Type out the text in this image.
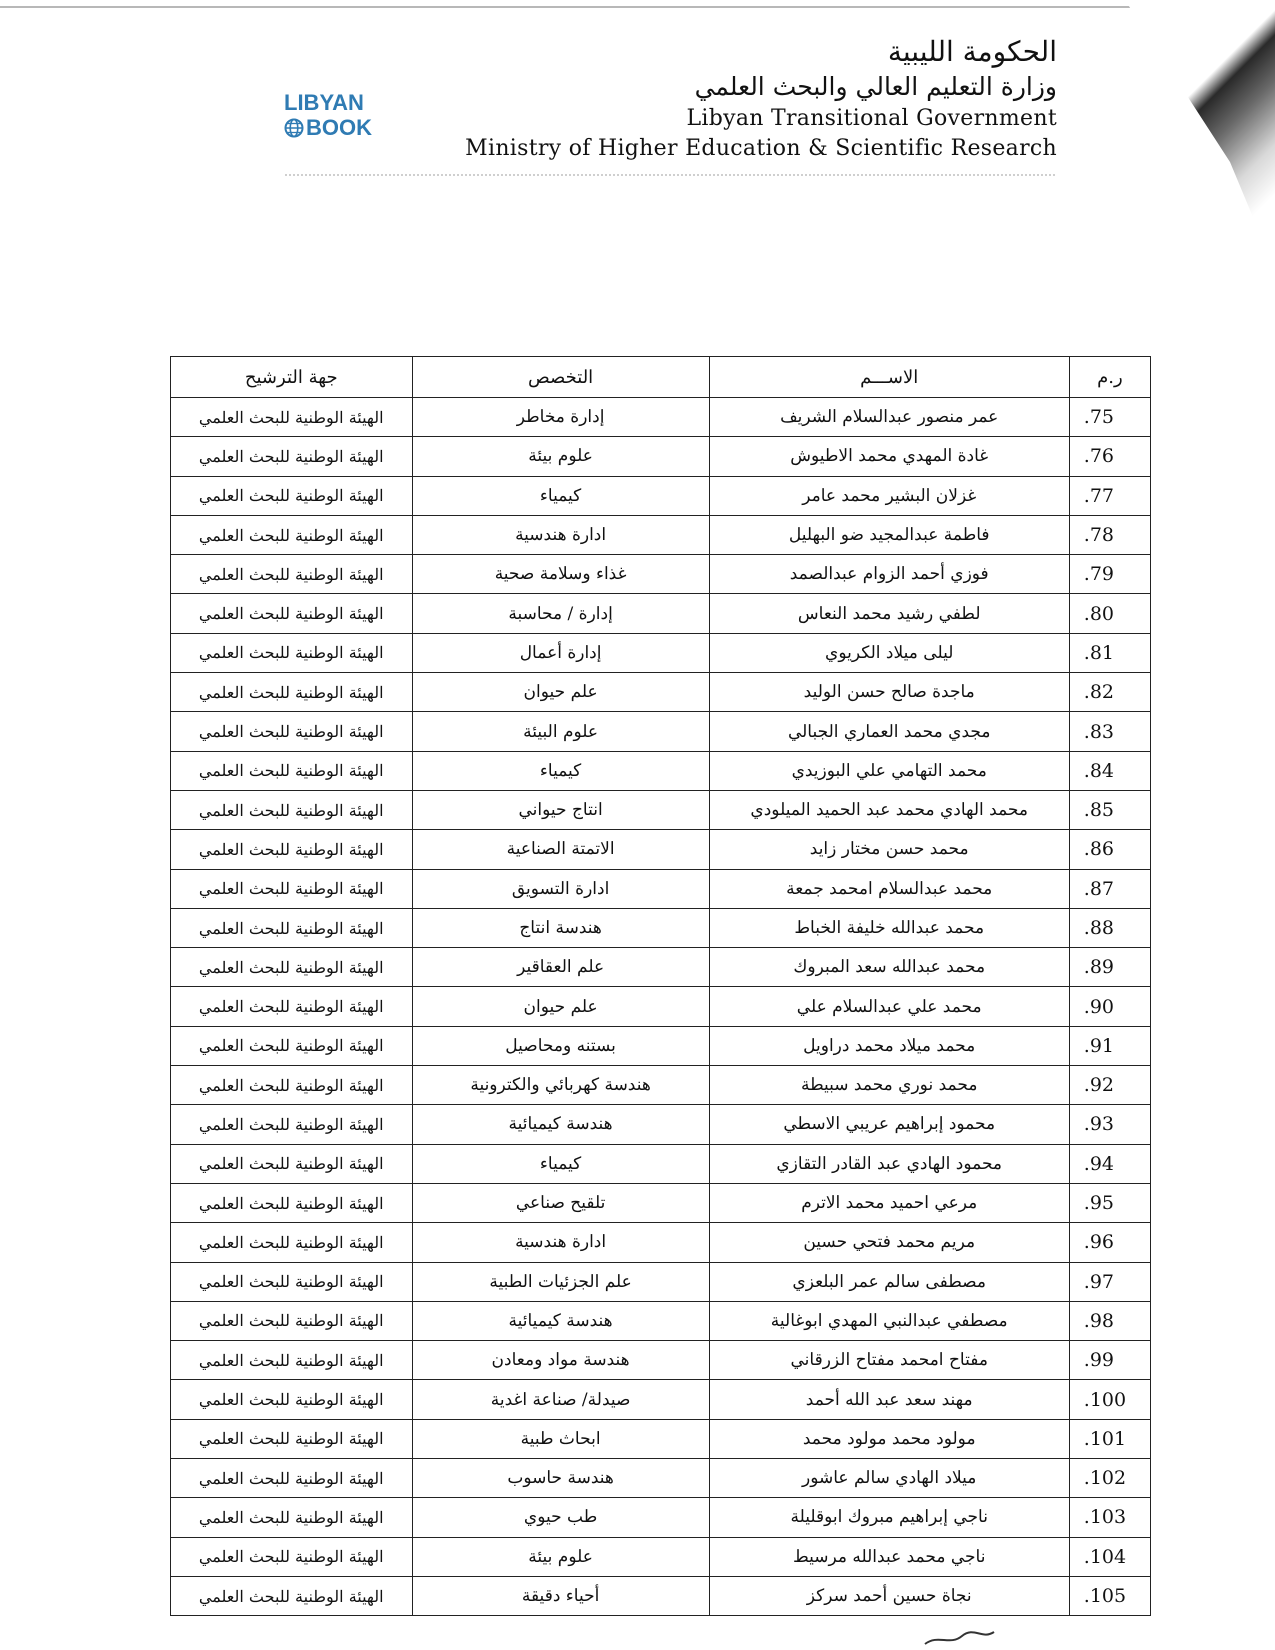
LIBYAN
BOOK
الحكومة الليبية
وزارة التعليم العالي والبحث العلمي
Libyan Transitional Government
Ministry of Higher Education & Scientific Research
ر.م	الاســـم	التخصص	جهة الترشيح
.75	عمر منصور عبدالسلام الشريف	إدارة مخاطر	الهيئة الوطنية للبحث العلمي
.76	غادة المهدي محمد الاطيوش	علوم بيئة	الهيئة الوطنية للبحث العلمي
.77	غزلان البشير محمد عامر	كيمياء	الهيئة الوطنية للبحث العلمي
.78	فاطمة عبدالمجيد ضو البهليل	ادارة هندسية	الهيئة الوطنية للبحث العلمي
.79	فوزي أحمد الزوام عبدالصمد	غذاء وسلامة صحية	الهيئة الوطنية للبحث العلمي
.80	لطفي رشيد محمد النعاس	إدارة / محاسبة	الهيئة الوطنية للبحث العلمي
.81	ليلى ميلاد الكريوي	إدارة أعمال	الهيئة الوطنية للبحث العلمي
.82	ماجدة صالح حسن الوليد	علم حيوان	الهيئة الوطنية للبحث العلمي
.83	مجدي محمد العماري الجبالي	علوم البيئة	الهيئة الوطنية للبحث العلمي
.84	محمد التهامي علي البوزيدي	كيمياء	الهيئة الوطنية للبحث العلمي
.85	محمد الهادي محمد عبد الحميد الميلودي	انتاج حيواني	الهيئة الوطنية للبحث العلمي
.86	محمد حسن مختار زايد	الاتمتة الصناعية	الهيئة الوطنية للبحث العلمي
.87	محمد عبدالسلام امحمد جمعة	ادارة التسويق	الهيئة الوطنية للبحث العلمي
.88	محمد عبدالله خليفة الخباط	هندسة انتاج	الهيئة الوطنية للبحث العلمي
.89	محمد عبدالله سعد المبروك	علم العقاقير	الهيئة الوطنية للبحث العلمي
.90	محمد علي عبدالسلام علي	علم حيوان	الهيئة الوطنية للبحث العلمي
.91	محمد ميلاد محمد دراويل	بستنه ومحاصيل	الهيئة الوطنية للبحث العلمي
.92	محمد نوري محمد سبيطة	هندسة كهربائي والكترونية	الهيئة الوطنية للبحث العلمي
.93	محمود إبراهيم عريبي الاسطي	هندسة كيميائية	الهيئة الوطنية للبحث العلمي
.94	محمود الهادي عبد القادر التقازي	كيمياء	الهيئة الوطنية للبحث العلمي
.95	مرعي احميد محمد الاترم	تلقيح صناعي	الهيئة الوطنية للبحث العلمي
.96	مريم محمد فتحي حسين	ادارة هندسية	الهيئة الوطنية للبحث العلمي
.97	مصطفى سالم عمر البلعزي	علم الجزئيات الطبية	الهيئة الوطنية للبحث العلمي
.98	مصطفي عبدالنبي المهدي ابوغالية	هندسة كيميائية	الهيئة الوطنية للبحث العلمي
.99	مفتاح امحمد مفتاح الزرقاني	هندسة مواد ومعادن	الهيئة الوطنية للبحث العلمي
.100	مهند سعد عبد الله أحمد	صيدلة/ صناعة اغدية	الهيئة الوطنية للبحث العلمي
.101	مولود محمد مولود محمد	ابحاث طبية	الهيئة الوطنية للبحث العلمي
.102	ميلاد الهادي سالم عاشور	هندسة حاسوب	الهيئة الوطنية للبحث العلمي
.103	ناجي إبراهيم مبروك ابوقليلة	طب حيوي	الهيئة الوطنية للبحث العلمي
.104	ناجي محمد عبدالله مرسيط	علوم بيئة	الهيئة الوطنية للبحث العلمي
.105	نجاة حسين أحمد سركز	أحياء دقيقة	الهيئة الوطنية للبحث العلمي
